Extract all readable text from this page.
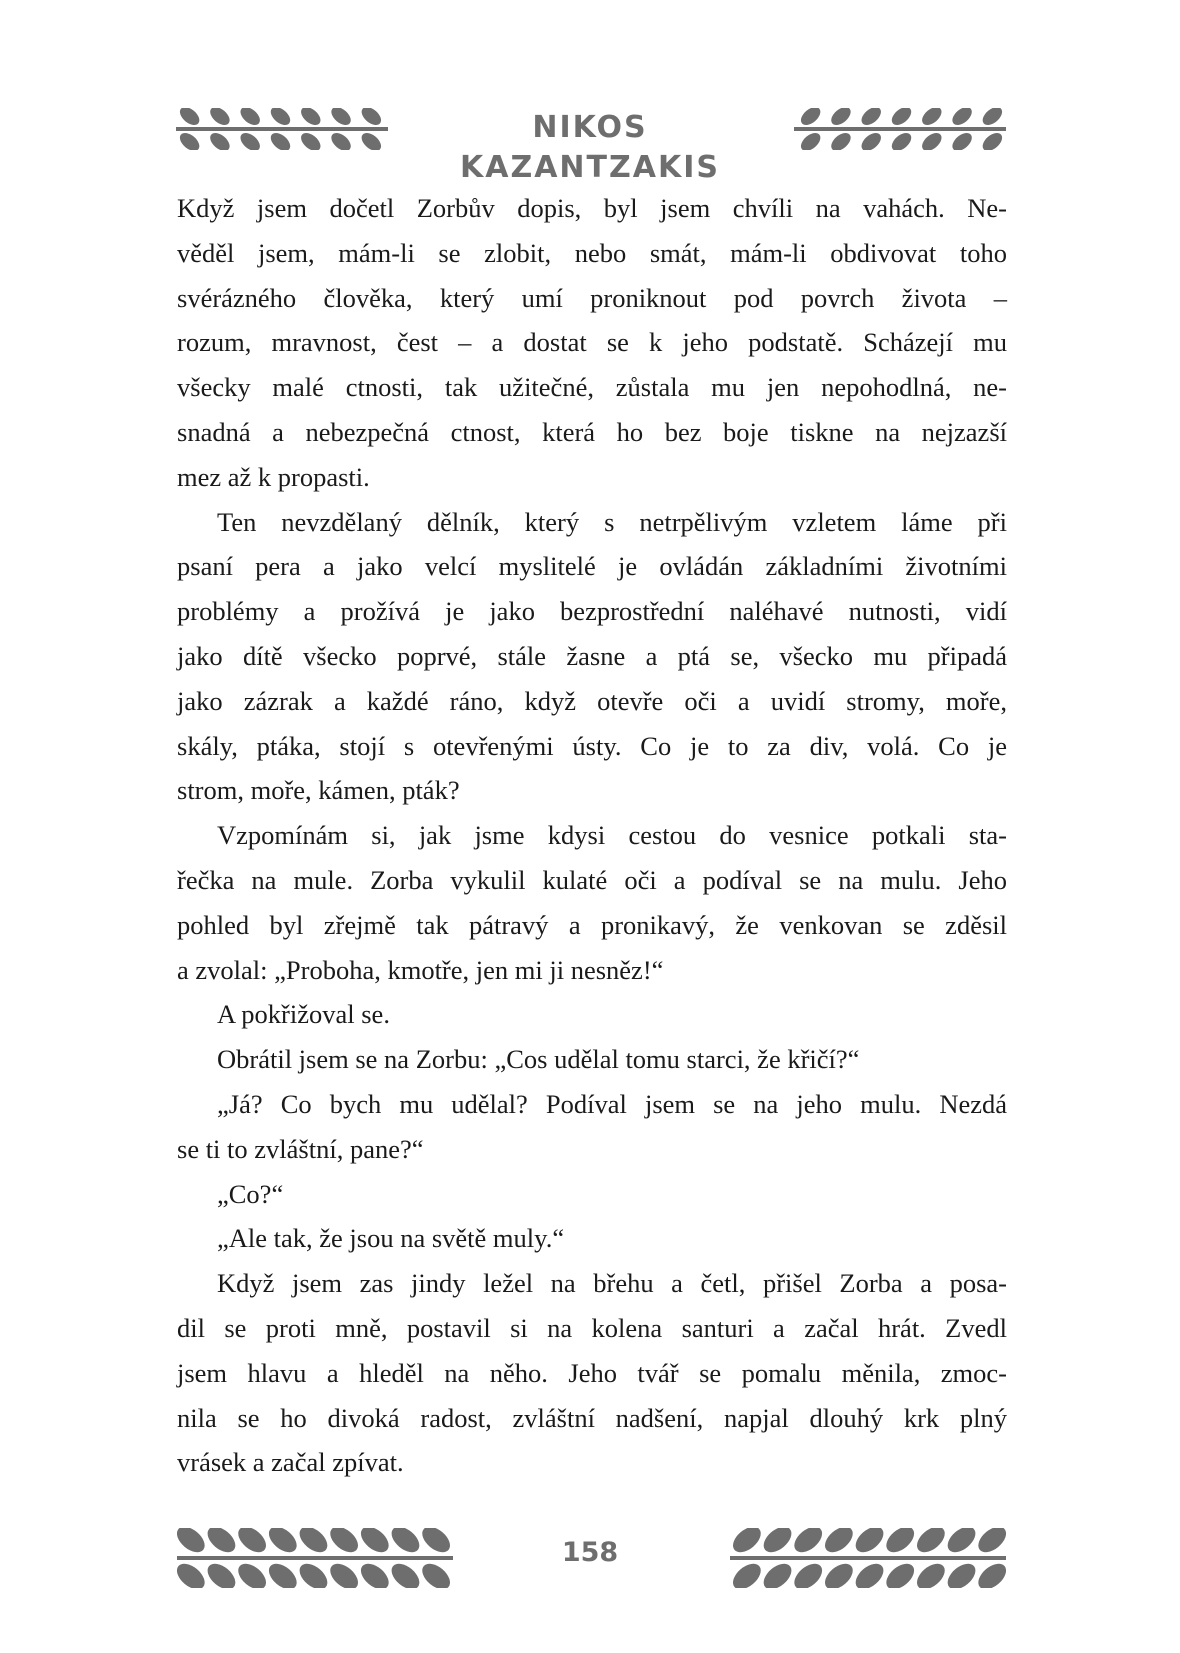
NIKOS KAZANTZAKIS
Když jsem dočetl Zorbův dopis, byl jsem chvíli na vahách. Ne-
věděl jsem, mám-li se zlobit, nebo smát, mám-li obdivovat toho
svérázného člověka, který umí proniknout pod povrch života –
rozum, mravnost, čest – a dostat se k jeho podstatě. Scházejí mu
všecky malé ctnosti, tak užitečné, zůstala mu jen nepohodlná, ne-
snadná a nebezpečná ctnost, která ho bez boje tiskne na nejzazší
mez až k propasti.
Ten nevzdělaný dělník, který s netrpělivým vzletem láme při
psaní pera a jako velcí myslitelé je ovládán základními životními
problémy a prožívá je jako bezprostřední naléhavé nutnosti, vidí
jako dítě všecko poprvé, stále žasne a ptá se, všecko mu připadá
jako zázrak a každé ráno, když otevře oči a uvidí stromy, moře,
skály, ptáka, stojí s otevřenými ústy. Co je to za div, volá. Co je
strom, moře, kámen, pták?
Vzpomínám si, jak jsme kdysi cestou do vesnice potkali sta-
řečka na mule. Zorba vykulil kulaté oči a podíval se na mulu. Jeho
pohled byl zřejmě tak pátravý a pronikavý, že venkovan se zděsil
a zvolal: „Proboha, kmotře, jen mi ji nesněz!“
A pokřižoval se.
Obrátil jsem se na Zorbu: „Cos udělal tomu starci, že křičí?“
„Já? Co bych mu udělal? Podíval jsem se na jeho mulu. Nezdá
se ti to zvláštní, pane?“
„Co?“
„Ale tak, že jsou na světě muly.“
Když jsem zas jindy ležel na břehu a četl, přišel Zorba a posa-
dil se proti mně, postavil si na kolena santuri a začal hrát. Zvedl
jsem hlavu a hleděl na něho. Jeho tvář se pomalu měnila, zmoc-
nila se ho divoká radost, zvláštní nadšení, napjal dlouhý krk plný
vrásek a začal zpívat.
158
